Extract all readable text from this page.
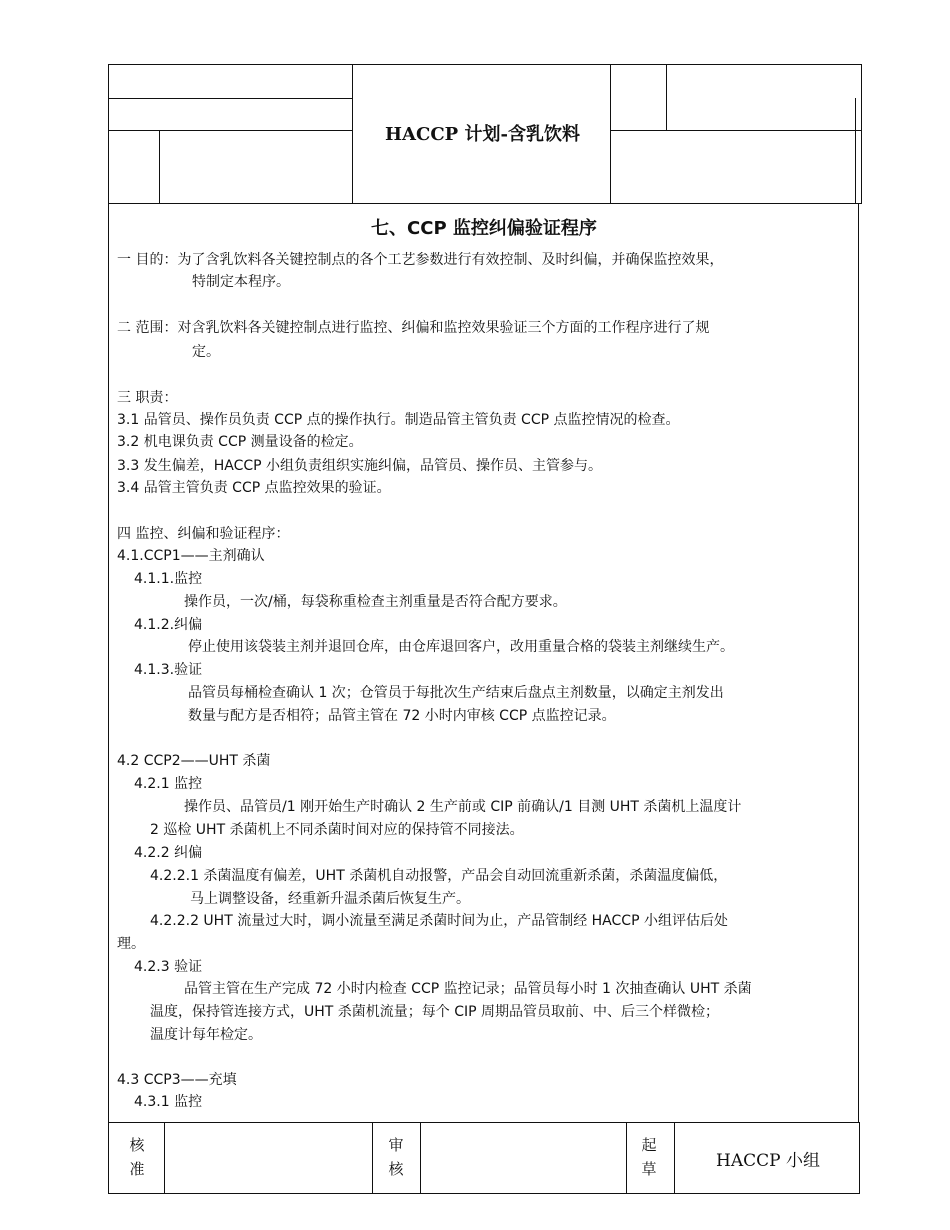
HACCP 计划-含乳饮料
七、CCP 监控纠偏验证程序
一 目的：为了含乳饮料各关键控制点的各个工艺参数进行有效控制、及时纠偏，并确保监控效果，
特制定本程序。
二 范围：对含乳饮料各关键控制点进行监控、纠偏和监控效果验证三个方面的工作程序进行了规
定。
三 职责：
3.1 品管员、操作员负责 CCP 点的操作执行。制造品管主管负责 CCP 点监控情况的检查。
3.2 机电课负责 CCP 测量设备的检定。
3.3 发生偏差，HACCP 小组负责组织实施纠偏，品管员、操作员、主管参与。
3.4 品管主管负责 CCP 点监控效果的验证。
四 监控、纠偏和验证程序：
4.1.CCP1——主剂确认
4.1.1.监控
操作员，一次/桶，每袋称重检查主剂重量是否符合配方要求。
4.1.2.纠偏
停止使用该袋装主剂并退回仓库，由仓库退回客户，改用重量合格的袋装主剂继续生产。
4.1.3.验证
品管员每桶检查确认 1 次；仓管员于每批次生产结束后盘点主剂数量，以确定主剂发出
数量与配方是否相符；品管主管在 72 小时内审核 CCP 点监控记录。
4.2 CCP2——UHT 杀菌
4.2.1 监控
操作员、品管员/1 刚开始生产时确认 2 生产前或 CIP 前确认/1 目测 UHT 杀菌机上温度计
2 巡检 UHT 杀菌机上不同杀菌时间对应的保持管不同接法。
4.2.2 纠偏
4.2.2.1 杀菌温度有偏差，UHT 杀菌机自动报警，产品会自动回流重新杀菌，杀菌温度偏低，
马上调整设备，经重新升温杀菌后恢复生产。
4.2.2.2 UHT 流量过大时，调小流量至满足杀菌时间为止，产品管制经 HACCP 小组评估后处
理。
4.2.3 验证
品管主管在生产完成 72 小时内检查 CCP 监控记录；品管员每小时 1 次抽查确认 UHT 杀菌
温度，保持管连接方式，UHT 杀菌机流量；每个 CIP 周期品管员取前、中、后三个样微检；
温度计每年检定。
4.3 CCP3——充填
4.3.1 监控
核
准
审
核
起
草	HACCP 小组
